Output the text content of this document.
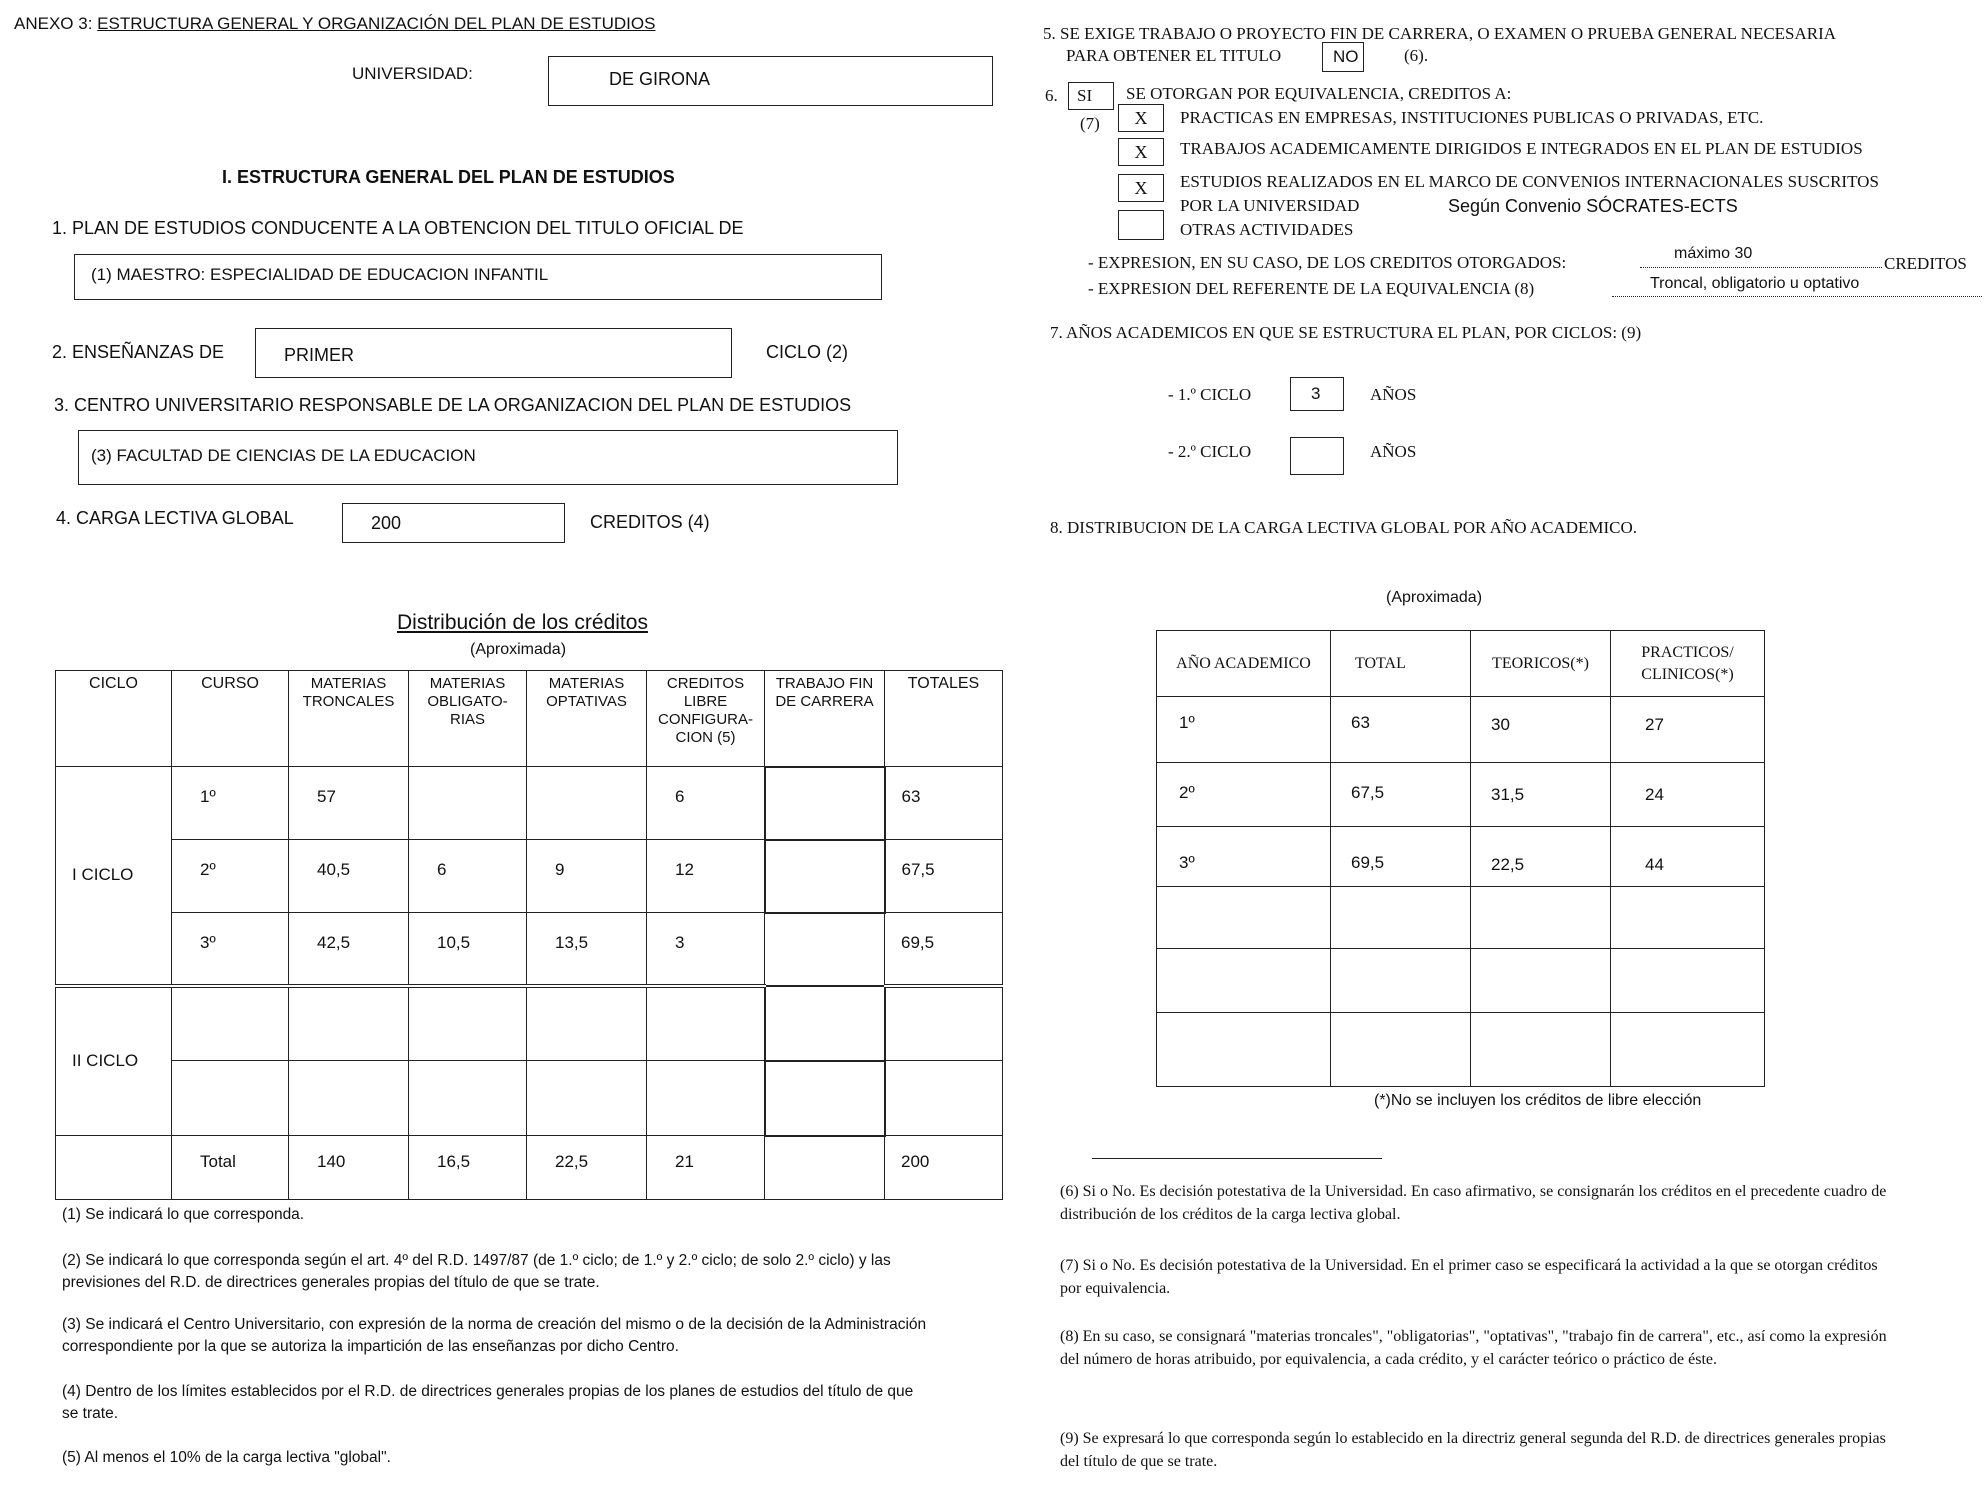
ANEXO 3: ESTRUCTURA GENERAL Y ORGANIZACIÓN DEL PLAN DE ESTUDIOS
UNIVERSIDAD:	DE GIRONA
I. ESTRUCTURA GENERAL DEL PLAN DE ESTUDIOS
1. PLAN DE ESTUDIOS CONDUCENTE A LA OBTENCION DEL TITULO OFICIAL DE
(1) MAESTRO: ESPECIALIDAD DE EDUCACION INFANTIL
2. ENSEÑANZAS DE	PRIMER	CICLO (2)
3. CENTRO UNIVERSITARIO RESPONSABLE DE LA ORGANIZACION DEL PLAN DE ESTUDIOS
(3) FACULTAD DE CIENCIAS DE LA EDUCACION
4. CARGA LECTIVA GLOBAL	200	CREDITOS (4)
Distribución de los créditos
(Aproximada)
CICLO	CURSO	MATERIAS TRONCALES	MATERIAS OBLIGATO-RIAS	MATERIAS OPTATIVAS	CREDITOS LIBRE CONFIGURA-CION (5)	TRABAJO FIN DE CARRERA	TOTALES
I CICLO	1º	57			6		63
	2º	40,5	6	9	12		67,5
	3º	42,5	10,5	13,5	3		69,5
II CICLO							

	Total	140	16,5	22,5	21		200
(1) Se indicará lo que corresponda.
(2) Se indicará lo que corresponda según el art. 4º del R.D. 1497/87 (de 1.º ciclo; de 1.º y 2.º ciclo; de solo 2.º ciclo) y las previsiones del R.D. de directrices generales propias del título de que se trate.
(3) Se indicará el Centro Universitario, con expresión de la norma de creación del mismo o de la decisión de la Administración correspondiente por la que se autoriza la impartición de las enseñanzas por dicho Centro.
(4) Dentro de los límites establecidos por el R.D. de directrices generales propias de los planes de estudios del título de que se trate.
(5) Al menos el 10% de la carga lectiva "global".
5. SE EXIGE TRABAJO O PROYECTO FIN DE CARRERA, O EXAMEN O PRUEBA GENERAL NECESARIA
PARA OBTENER EL TITULO	NO	(6).
6. SI SE OTORGAN POR EQUIVALENCIA, CREDITOS A:
(7)	X	PRACTICAS EN EMPRESAS, INSTITUCIONES PUBLICAS O PRIVADAS, ETC.
X	TRABAJOS ACADEMICAMENTE DIRIGIDOS E INTEGRADOS EN EL PLAN DE ESTUDIOS
X	ESTUDIOS REALIZADOS EN EL MARCO DE CONVENIOS INTERNACIONALES SUSCRITOS
POR LA UNIVERSIDAD	Según Convenio SÓCRATES-ECTS
OTRAS ACTIVIDADES
- EXPRESION, EN SU CASO, DE LOS CREDITOS OTORGADOS:	máximo 30
CREDITOS
- EXPRESION DEL REFERENTE DE LA EQUIVALENCIA (8)	Troncal, obligatorio u optativo
7. AÑOS ACADEMICOS EN QUE SE ESTRUCTURA EL PLAN, POR CICLOS: (9)
- 1.º CICLO	3	AÑOS
- 2.º CICLO	AÑOS
8. DISTRIBUCION DE LA CARGA LECTIVA GLOBAL POR AÑO ACADEMICO.
(Aproximada)
AÑO ACADEMICO	TOTAL	TEORICOS(*)	PRACTICOS/ CLINICOS(*)
1º	63	30	27
2º	67,5	31,5	24
3º	69,5	22,5	44

(*)No se incluyen los créditos de libre elección
(6) Si o No. Es decisión potestativa de la Universidad. En caso afirmativo, se consignarán los créditos en el precedente cuadro de distribución de los créditos de la carga lectiva global.
(7) Si o No. Es decisión potestativa de la Universidad. En el primer caso se especificará la actividad a la que se otorgan créditos por equivalencia.
(8) En su caso, se consignará "materias troncales", "obligatorias", "optativas", "trabajo fin de carrera", etc., así como la expresión del número de horas atribuido, por equivalencia, a cada crédito, y el carácter teórico o práctico de éste.
(9) Se expresará lo que corresponda según lo establecido en la directriz general segunda del R.D. de directrices generales propias del título de que se trate.
